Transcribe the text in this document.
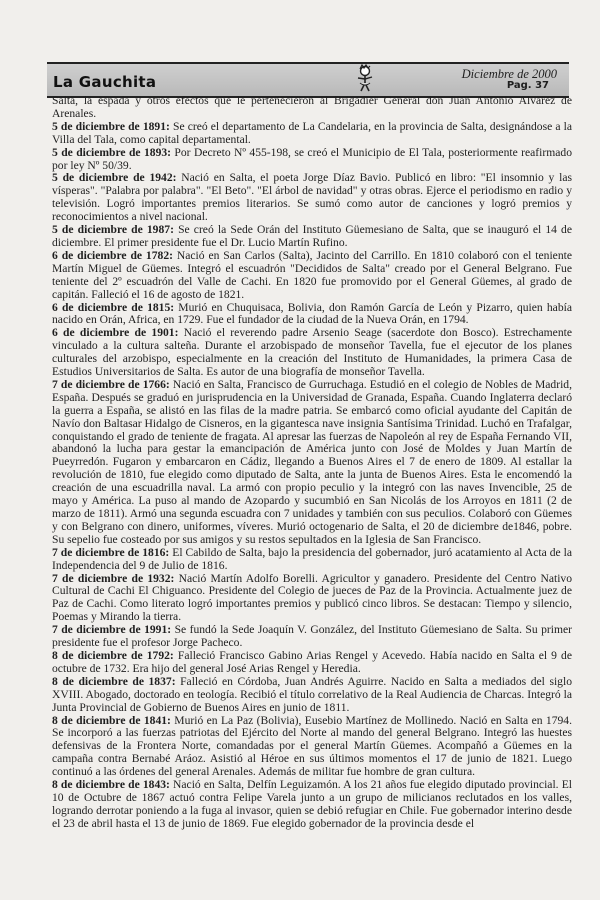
La Gauchita	Diciembre de 2000
Pag. 37

Salta, la espada y otros efectos que le pertenecieron al Brigadier General don Juan Antonio Alvarez de Arenales.

5 de diciembre de 1891: Se creó el departamento de La Candelaria, en la provincia de Salta, designándose a la Villa del Tala, como capital departamental.

5 de diciembre de 1893: Por Decreto Nº 455-198, se creó el Municipio de El Tala, posteriormente reafirmado por ley Nº 50/39.

5 de diciembre de 1942: Nació en Salta, el poeta Jorge Díaz Bavio. Publicó en libro: "El insomnio y las vísperas". "Palabra por palabra". "El Beto". "El árbol de navidad" y otras obras. Ejerce el periodismo en radio y televisión. Logró importantes premios literarios. Se sumó como autor de canciones y logró premios y reconocimientos a nivel nacional.

5 de diciembre de 1987: Se creó la Sede Orán del Instituto Güemesiano de Salta, que se inauguró el 14 de diciembre. El primer presidente fue el Dr. Lucio Martín Rufino.

6 de diciembre de 1782: Nació en San Carlos (Salta), Jacinto del Carrillo. En 1810 colaboró con el teniente Martín Miguel de Güemes. Integró el escuadrón "Decididos de Salta" creado por el General Belgrano. Fue teniente del 2º escuadrón del Valle de Cachi. En 1820 fue promovido por el General Güemes, al grado de capitán. Falleció el 16 de agosto de 1821.

6 de diciembre de 1815: Murió en Chuquisaca, Bolivia, don Ramón García de León y Pizarro, quien había nacido en Orán, Africa, en 1729. Fue el fundador de la ciudad de la Nueva Orán, en 1794.

6 de diciembre de 1901: Nació el reverendo padre Arsenio Seage (sacerdote don Bosco). Estrechamente vinculado a la cultura salteña. Durante el arzobispado de monseñor Tavella, fue el ejecutor de los planes culturales del arzobispo, especialmente en la creación del Instituto de Humanidades, la primera Casa de Estudios Universitarios de Salta. Es autor de una biografía de monseñor Tavella.

7 de diciembre de 1766: Nació en Salta, Francisco de Gurruchaga. Estudió en el colegio de Nobles de Madrid, España. Después se graduó en jurisprudencia en la Universidad de Granada, España. Cuando Inglaterra declaró la guerra a España, se alistó en las filas de la madre patria. Se embarcó como oficial ayudante del Capitán de Navío don Baltasar Hidalgo de Cisneros, en la gigantesca nave insignia Santísima Trinidad. Luchó en Trafalgar, conquistando el grado de teniente de fragata. Al apresar las fuerzas de Napoleón al rey de España Fernando VII, abandonó la lucha para gestar la emancipación de América junto con José de Moldes y Juan Martín de Pueyrredón. Fugaron y embarcaron en Cádiz, llegando a Buenos Aires el 7 de enero de 1809. Al estallar la revolución de 1810, fue elegido como diputado de Salta, ante la junta de Buenos Aires. Esta le encomendó la creación de una escuadrilla naval. La armó con propio peculio y la integró con las naves Invencible, 25 de mayo y América. La puso al mando de Azopardo y sucumbió en San Nicolás de los Arroyos en 1811 (2 de marzo de 1811). Armó una segunda escuadra con 7 unidades y también con sus peculios. Colaboró con Güemes y con Belgrano con dinero, uniformes, víveres. Murió octogenario de Salta, el 20 de diciembre de1846, pobre. Su sepelio fue costeado por sus amigos y su restos sepultados en la Iglesia de San Francisco.

7 de diciembre de 1816: El Cabildo de Salta, bajo la presidencia del gobernador, juró acatamiento al Acta de la Independencia del 9 de Julio de 1816.

7 de diciembre de 1932: Nació Martín Adolfo Borelli. Agricultor y ganadero. Presidente del Centro Nativo Cultural de Cachi El Chiguanco. Presidente del Colegio de jueces de Paz de la Provincia. Actualmente juez de Paz de Cachi. Como literato logró importantes premios y publicó cinco libros. Se destacan: Tiempo y silencio, Poemas y Mirando la tierra.

7 de diciembre de 1991: Se fundó la Sede Joaquín V. González, del Instituto Güemesiano de Salta. Su primer presidente fue el profesor Jorge Pacheco.

8 de diciembre de 1792: Falleció Francisco Gabino Arias Rengel y Acevedo. Había nacido en Salta el 9 de octubre de 1732. Era hijo del general José Arias Rengel y Heredia.

8 de diciembre de 1837: Falleció en Córdoba, Juan Andrés Aguirre. Nacido en Salta a mediados del siglo XVIII. Abogado, doctorado en teología. Recibió el título correlativo de la Real Audiencia de Charcas. Integró la Junta Provincial de Gobierno de Buenos Aires en junio de 1811.

8 de diciembre de 1841: Murió en La Paz (Bolivia), Eusebio Martínez de Mollinedo. Nació en Salta en 1794. Se incorporó a las fuerzas patriotas del Ejército del Norte al mando del general Belgrano. Integró las huestes defensivas de la Frontera Norte, comandadas por el general Martín Güemes. Acompañó a Güemes en la campaña contra Bernabé Aráoz. Asistió al Héroe en sus últimos momentos el 17 de junio de 1821. Luego continuó a las órdenes del general Arenales. Además de militar fue hombre de gran cultura.

8 de diciembre de 1843: Nació en Salta, Delfín Leguizamón. A los 21 años fue elegido diputado provincial. El 10 de Octubre de 1867 actuó contra Felipe Varela junto a un grupo de milicianos reclutados en los valles, logrando derrotar poniendo a la fuga al invasor, quien se debió refugiar en Chile. Fue gobernador interino desde el 23 de abril hasta el 13 de junio de 1869. Fue elegido gobernador de la provincia desde el
